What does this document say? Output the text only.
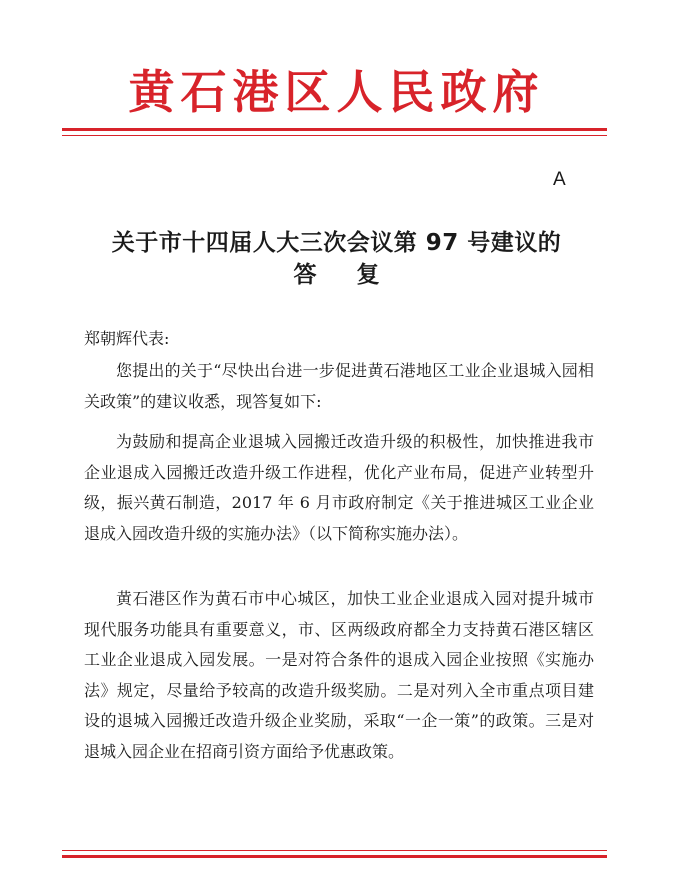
黄石港区人民政府
A
关于市十四届人大三次会议第 97 号建议的
答复
郑朝辉代表:
您提出的关于“尽快出台进一步促进黄石港地区工业企业退城入园相关政策”的建议收悉，现答复如下:
为鼓励和提高企业退城入园搬迁改造升级的积极性，加快推进我市企业退成入园搬迁改造升级工作进程，优化产业布局，促进产业转型升级，振兴黄石制造，2017 年 6 月市政府制定《关于推进城区工业企业退成入园改造升级的实施办法》（以下简称实施办法）。
黄石港区作为黄石市中心城区，加快工业企业退成入园对提升城市现代服务功能具有重要意义，市、区两级政府都全力支持黄石港区辖区工业企业退成入园发展。一是对符合条件的退成入园企业按照《实施办法》规定，尽量给予较高的改造升级奖励。二是对列入全市重点项目建设的退城入园搬迁改造升级企业奖励，采取“一企一策”的政策。三是对退城入园企业在招商引资方面给予优惠政策。
